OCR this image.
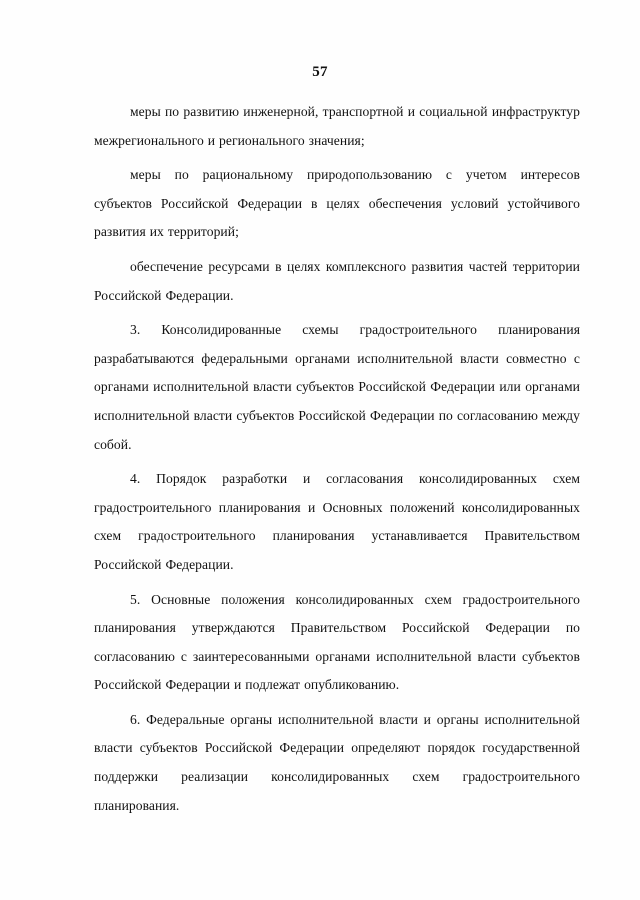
57

меры по развитию инженерной, транспортной и социальной инфраструктур межрегионального и регионального значения;

меры по рациональному природопользованию с учетом интересов субъектов Российской Федерации в целях обеспечения условий устойчивого развития их территорий;

обеспечение ресурсами в целях комплексного развития частей территории Российской Федерации.

3. Консолидированные схемы градостроительного планирования разрабатываются федеральными органами исполнительной власти совместно с органами исполнительной власти субъектов Российской Федерации или органами исполнительной власти субъектов Российской Федерации по согласованию между собой.

4. Порядок разработки и согласования консолидированных схем градостроительного планирования и Основных положений консолидированных схем градостроительного планирования устанавливается Правительством Российской Федерации.

5. Основные положения консолидированных схем градостроительного планирования утверждаются Правительством Российской Федерации по согласованию с заинтересованными органами исполнительной власти субъектов Российской Федерации и подлежат опубликованию.

6. Федеральные органы исполнительной власти и органы исполнительной власти субъектов Российской Федерации определяют порядок государственной поддержки реализации консолидированных схем градостроительного планирования.
